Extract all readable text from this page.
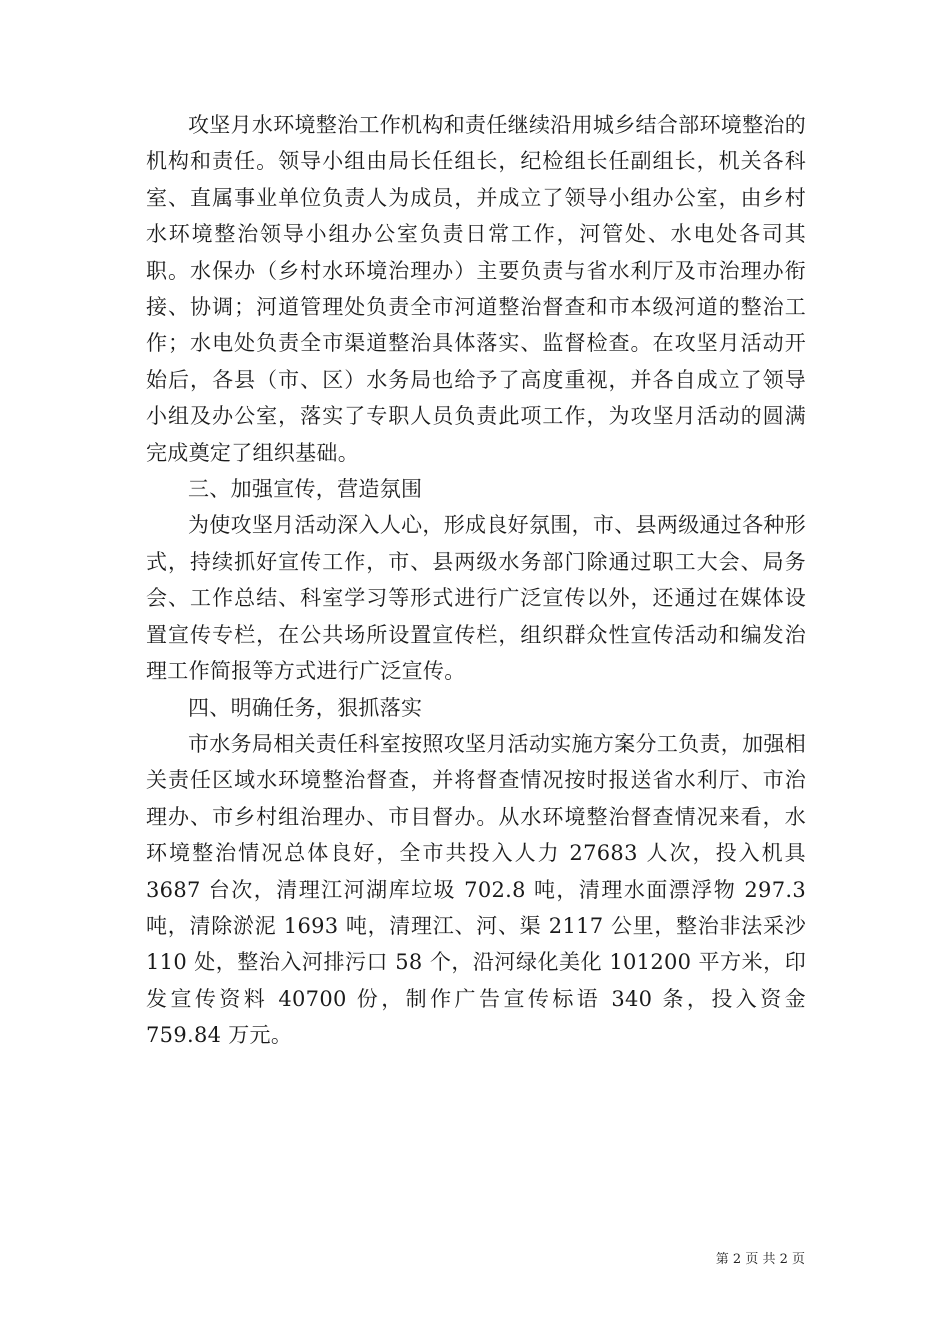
攻坚月水环境整治工作机构和责任继续沿用城乡结合部环境整治的机构和责任。领导小组由局长任组长，纪检组长任副组长，机关各科室、直属事业单位负责人为成员，并成立了领导小组办公室，由乡村水环境整治领导小组办公室负责日常工作，河管处、水电处各司其职。水保办（乡村水环境治理办）主要负责与省水利厅及市治理办衔接、协调；河道管理处负责全市河道整治督查和市本级河道的整治工作；水电处负责全市渠道整治具体落实、监督检查。在攻坚月活动开始后，各县（市、区）水务局也给予了高度重视，并各自成立了领导小组及办公室，落实了专职人员负责此项工作，为攻坚月活动的圆满完成奠定了组织基础。

三、加强宣传，营造氛围

为使攻坚月活动深入人心，形成良好氛围，市、县两级通过各种形式，持续抓好宣传工作，市、县两级水务部门除通过职工大会、局务会、工作总结、科室学习等形式进行广泛宣传以外，还通过在媒体设置宣传专栏，在公共场所设置宣传栏，组织群众性宣传活动和编发治理工作简报等方式进行广泛宣传。

四、明确任务，狠抓落实

市水务局相关责任科室按照攻坚月活动实施方案分工负责，加强相关责任区域水环境整治督查，并将督查情况按时报送省水利厅、市治理办、市乡村组治理办、市目督办。从水环境整治督查情况来看，水环境整治情况总体良好，全市共投入人力 27683 人次，投入机具 3687 台次，清理江河湖库垃圾 702.8 吨，清理水面漂浮物 297.3 吨，清除淤泥 1693 吨，清理江、河、渠 2117 公里，整治非法采沙 110 处，整治入河排污口 58 个，沿河绿化美化 101200 平方米，印发宣传资料 40700 份，制作广告宣传标语 340 条，投入资金 759.84 万元。

第 2 页 共 2 页
